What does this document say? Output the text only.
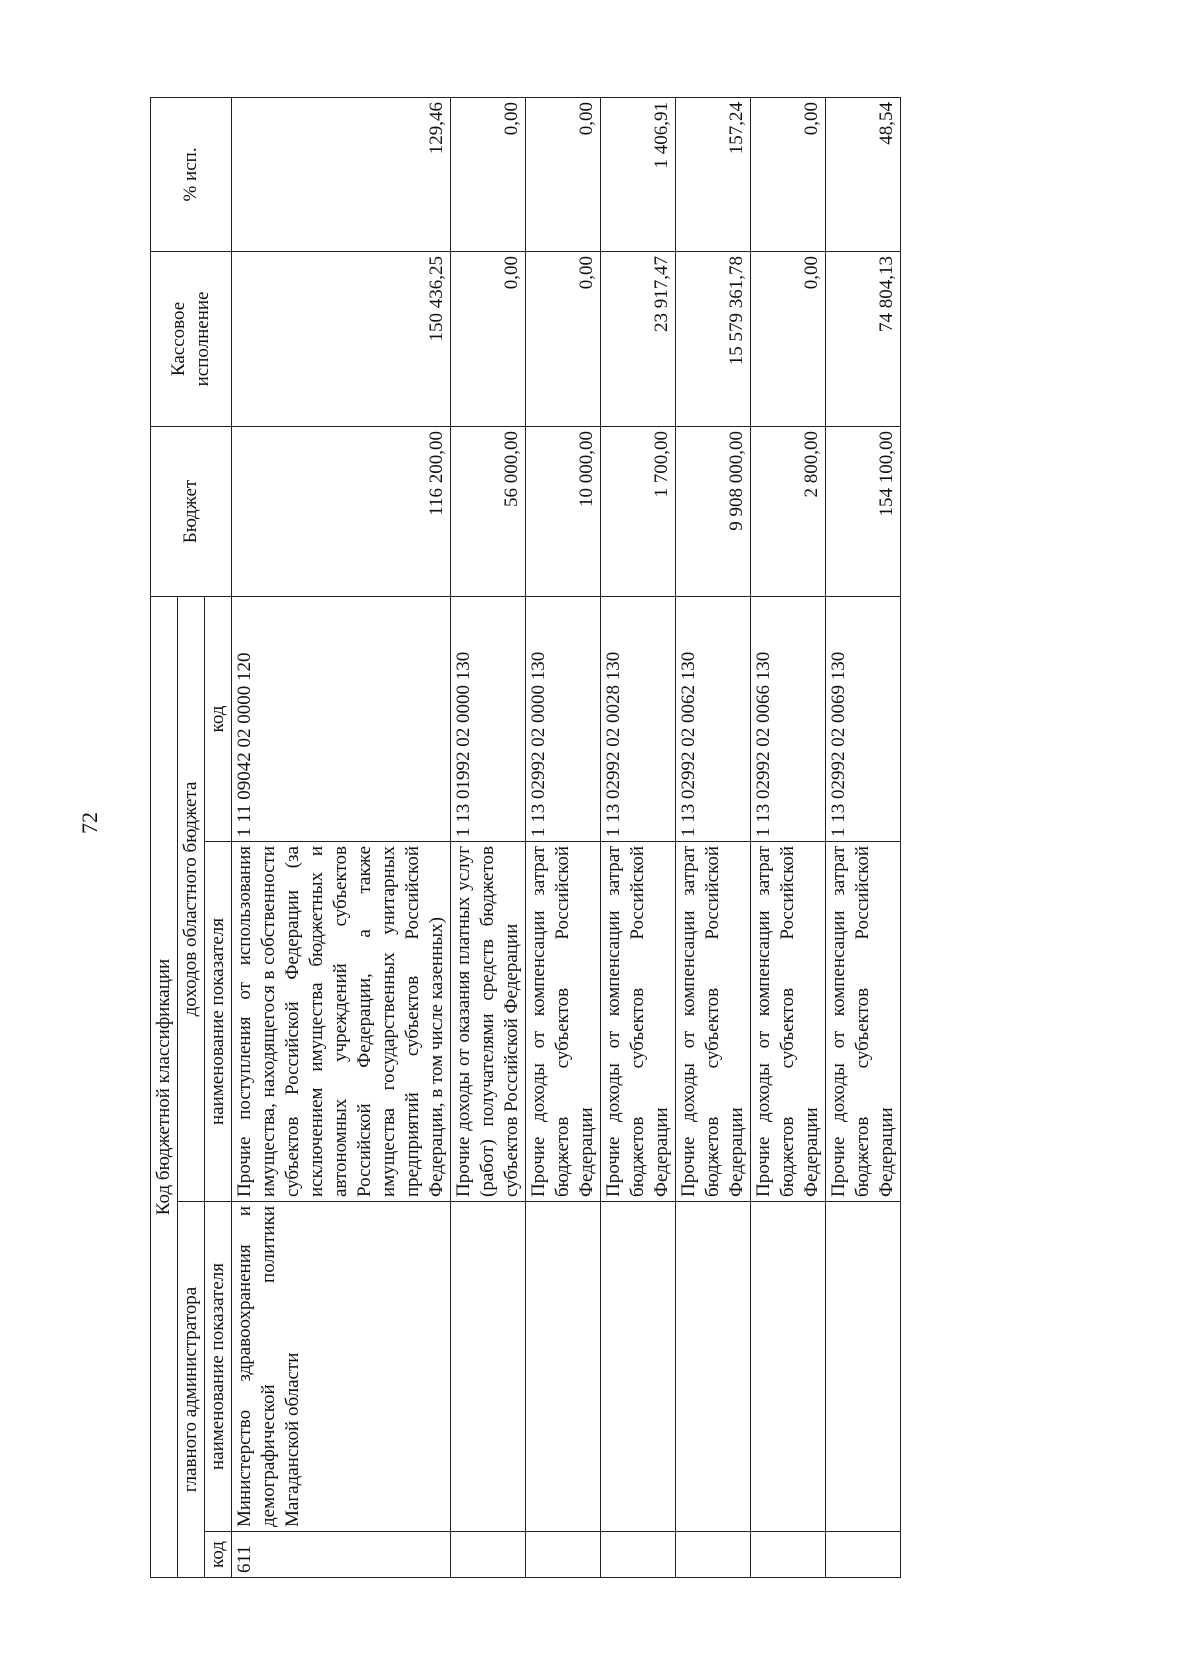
72
Код бюджетной классификации				Бюджет	Кассовое исполнение	% исп.
главного администратора		доходов областного бюджета				
код	наименование показателя	наименование показателя	код			
611	Министерство здравоохранения и демографической политики Магаданской области	Прочие поступления от использования имущества, находящегося в собственности субъектов Российской Федерации (за исключением имущества бюджетных и автономных учреждений субъектов Российской Федерации, а также имущества государственных унитарных предприятий субъектов Российской Федерации, в том числе казенных)	1 11 09042 02 0000 120	116 200,00	150 436,25	129,46
		Прочие доходы от оказания платных услуг (работ) получателями средств бюджетов субъектов Российской Федерации	1 13 01992 02 0000 130	56 000,00	0,00	0,00
		Прочие доходы от компенсации затрат бюджетов субъектов Российской Федерации	1 13 02992 02 0000 130	10 000,00	0,00	0,00
		Прочие доходы от компенсации затрат бюджетов субъектов Российской Федерации	1 13 02992 02 0028 130	1 700,00	23 917,47	1 406,91
		Прочие доходы от компенсации затрат бюджетов субъектов Российской Федерации	1 13 02992 02 0062 130	9 908 000,00	15 579 361,78	157,24
		Прочие доходы от компенсации затрат бюджетов субъектов Российской Федерации	1 13 02992 02 0066 130	2 800,00	0,00	0,00
		Прочие доходы от компенсации затрат бюджетов субъектов Российской Федерации	1 13 02992 02 0069 130	154 100,00	74 804,13	48,54
